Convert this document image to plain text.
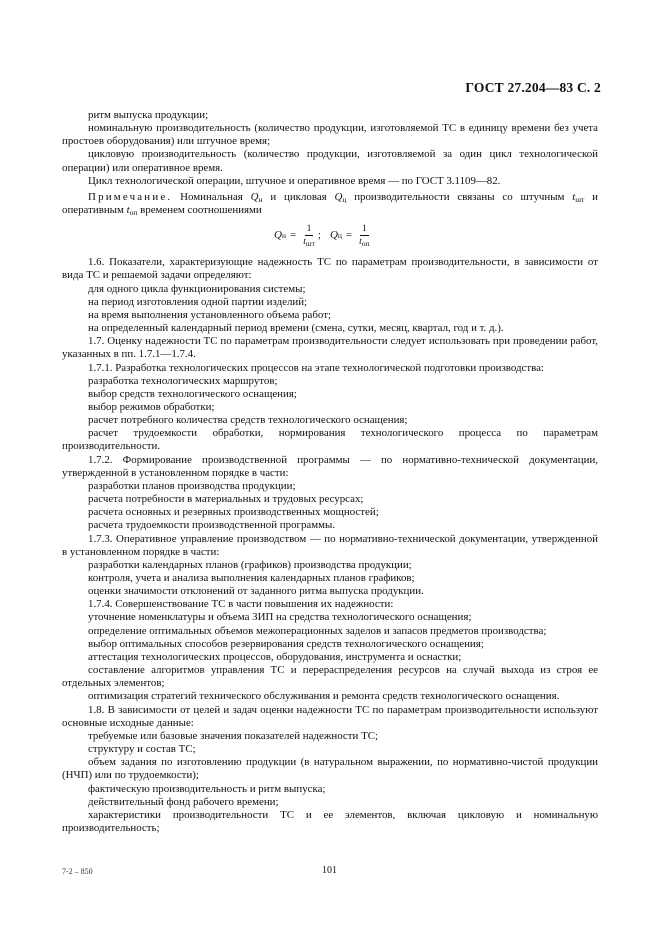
ГОСТ 27.204—83 С. 2

ритм выпуска продукции;

номинальную производительность (количество продукции, изготовляемой ТС в единицу времени без учета простоев оборудования) или штучное время;

цикловую производительность (количество продукции, изготовляемой за один цикл технологической операции) или оперативное время.

Цикл технологической операции, штучное и оперативное время — по ГОСТ 3.1109—82.

Примечание. Номинальная $Q_н$ и цикловая $Q_ц$ производительности связаны со штучным $t_{шт}$ и оперативным $t_{оп}$ временем соотношениями

Q $н = \frac{1}{t_{шт}}$ ; Q $ц = \frac{1}{t_{оп}}$

1.6. Показатели, характеризующие надежность ТС по параметрам производительности, в зависимости от вида ТС и решаемой задачи определяют:

для одного цикла функционирования системы;

на период изготовления одной партии изделий;

на время выполнения установленного объема работ;

на определенный календарный период времени (смена, сутки, месяц, квартал, год и т. д.).

1.7. Оценку надежности ТС по параметрам производительности следует использовать при проведении работ, указанных в пп. 1.7.1—1.7.4.

1.7.1. Разработка технологических процессов на этапе технологической подготовки производства:

разработка технологических маршрутов;

выбор средств технологического оснащения;

выбор режимов обработки;

расчет потребного количества средств технологического оснащения;

расчет трудоемкости обработки, нормирования технологического процесса по параметрам производительности.

1.7.2. Формирование производственной программы — по нормативно-технической документации, утвержденной в установленном порядке в части:

разработки планов производства продукции;

расчета потребности в материальных и трудовых ресурсах;

расчета основных и резервных производственных мощностей;

расчета трудоемкости производственной программы.

1.7.3. Оперативное управление производством — по нормативно-технической документации, утвержденной в установленном порядке в части:

разработки календарных планов (графиков) производства продукции;

контроля, учета и анализа выполнения календарных планов графиков;

оценки значимости отклонений от заданного ритма выпуска продукции.

1.7.4. Совершенствование ТС в части повышения их надежности:

уточнение номенклатуры и объема ЗИП на средства технологического оснащения;

определение оптимальных объемов межоперационных заделов и запасов предметов производства;

выбор оптимальных способов резервирования средств технологического оснащения;

аттестация технологических процессов, оборудования, инструмента и оснастки;

составление алгоритмов управления ТС и перераспределения ресурсов на случай выхода из строя ее отдельных элементов;

оптимизация стратегий технического обслуживания и ремонта средств технологического оснащения.

1.8. В зависимости от целей и задач оценки надежности ТС по параметрам производительности используют основные исходные данные:

требуемые или базовые значения показателей надежности ТС;

структуру и состав ТС;

объем задания по изготовлению продукции (в натуральном выражении, по нормативно-чистой продукции (НЧП) или по трудоемкости);

фактическую производительность и ритм выпуска;

действительный фонд рабочего времени;

характеристики производительности ТС и ее элементов, включая цикловую и номинальную производительность;

7-2 – 850	101
